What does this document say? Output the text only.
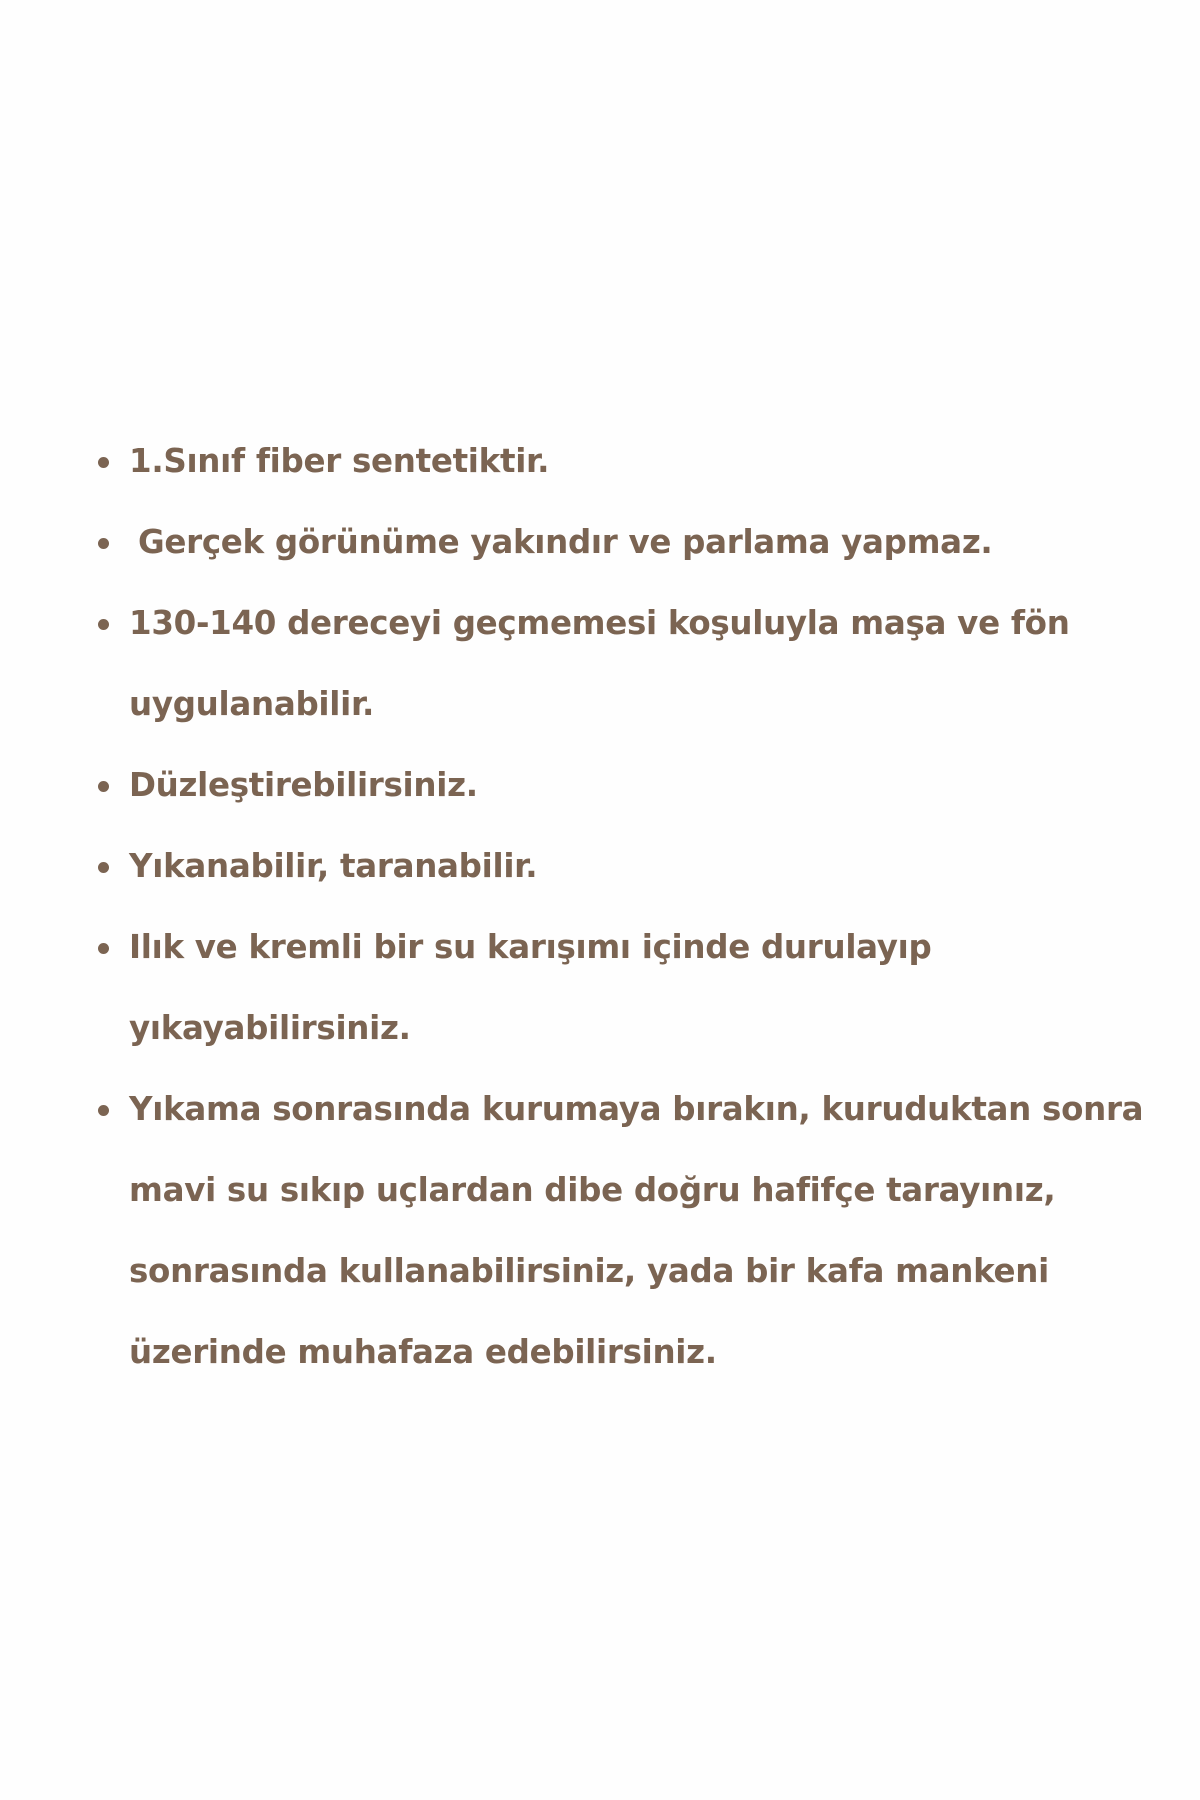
1.Sınıf fiber sentetiktir.
Gerçek görünüme yakındır ve parlama yapmaz.
130-140 dereceyi geçmemesi koşuluyla maşa ve fön
uygulanabilir.
Düzleştirebilirsiniz.
Yıkanabilir, taranabilir.
Ilık ve kremli bir su karışımı içinde durulayıp
yıkayabilirsiniz.
Yıkama sonrasında kurumaya bırakın, kuruduktan sonra
mavi su sıkıp uçlardan dibe doğru hafifçe tarayınız,
sonrasında kullanabilirsiniz, yada bir kafa mankeni
üzerinde muhafaza edebilirsiniz.
